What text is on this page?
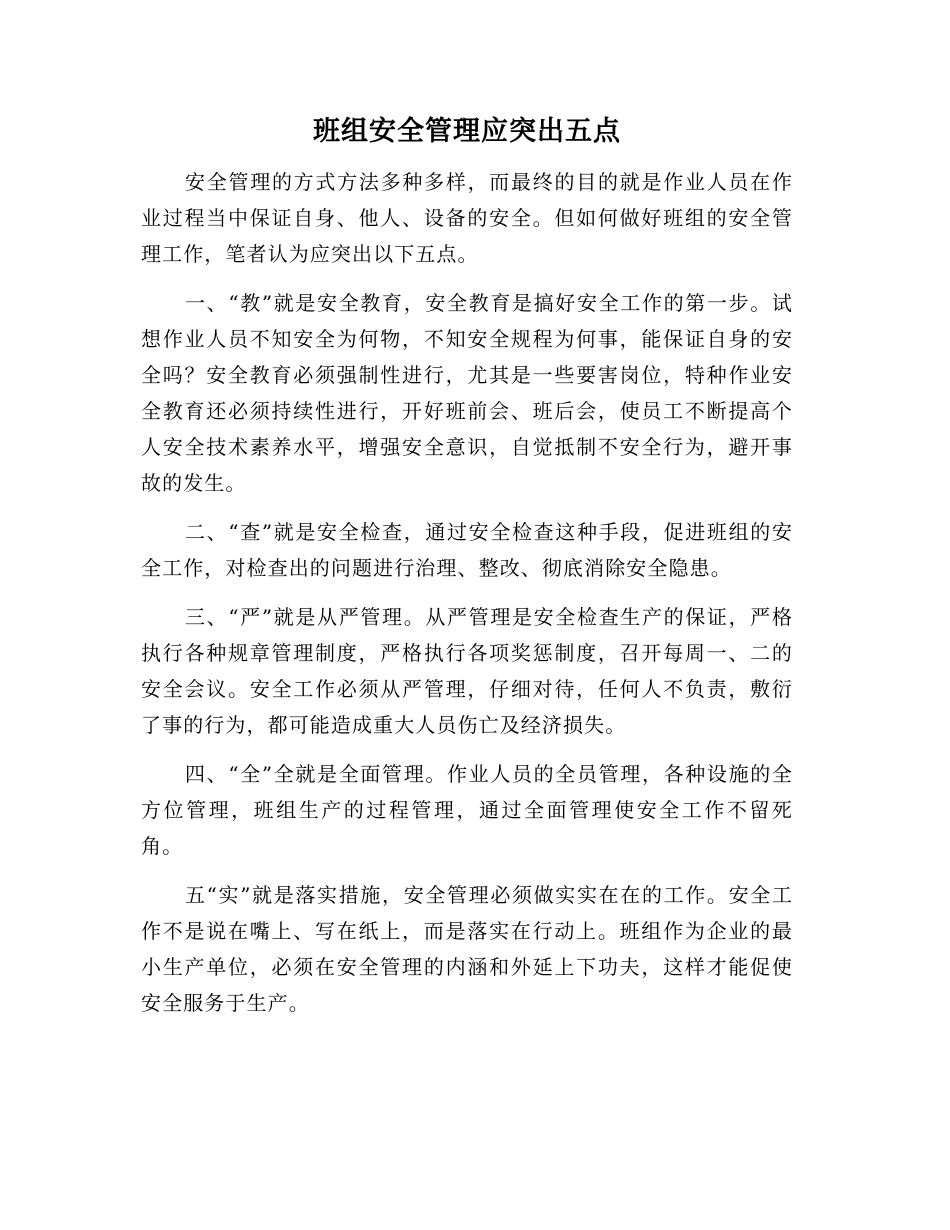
班组安全管理应突出五点

安全管理的方式方法多种多样，而最终的目的就是作业人员在作业过程当中保证自身、他人、设备的安全。但如何做好班组的安全管理工作，笔者认为应突出以下五点。

一、“教”就是安全教育，安全教育是搞好安全工作的第一步。试想作业人员不知安全为何物，不知安全规程为何事，能保证自身的安全吗？安全教育必须强制性进行，尤其是一些要害岗位，特种作业安全教育还必须持续性进行，开好班前会、班后会，使员工不断提高个人安全技术素养水平，增强安全意识，自觉抵制不安全行为，避开事故的发生。

二、“查”就是安全检查，通过安全检查这种手段，促进班组的安全工作，对检查出的问题进行治理、整改、彻底消除安全隐患。

三、“严”就是从严管理。从严管理是安全检查生产的保证，严格执行各种规章管理制度，严格执行各项奖惩制度，召开每周一、二的安全会议。安全工作必须从严管理，仔细对待，任何人不负责，敷衍了事的行为，都可能造成重大人员伤亡及经济损失。

四、“全”全就是全面管理。作业人员的全员管理，各种设施的全方位管理，班组生产的过程管理，通过全面管理使安全工作不留死角。

五“实”就是落实措施，安全管理必须做实实在在的工作。安全工作不是说在嘴上、写在纸上，而是落实在行动上。班组作为企业的最小生产单位，必须在安全管理的内涵和外延上下功夫，这样才能促使安全服务于生产。
